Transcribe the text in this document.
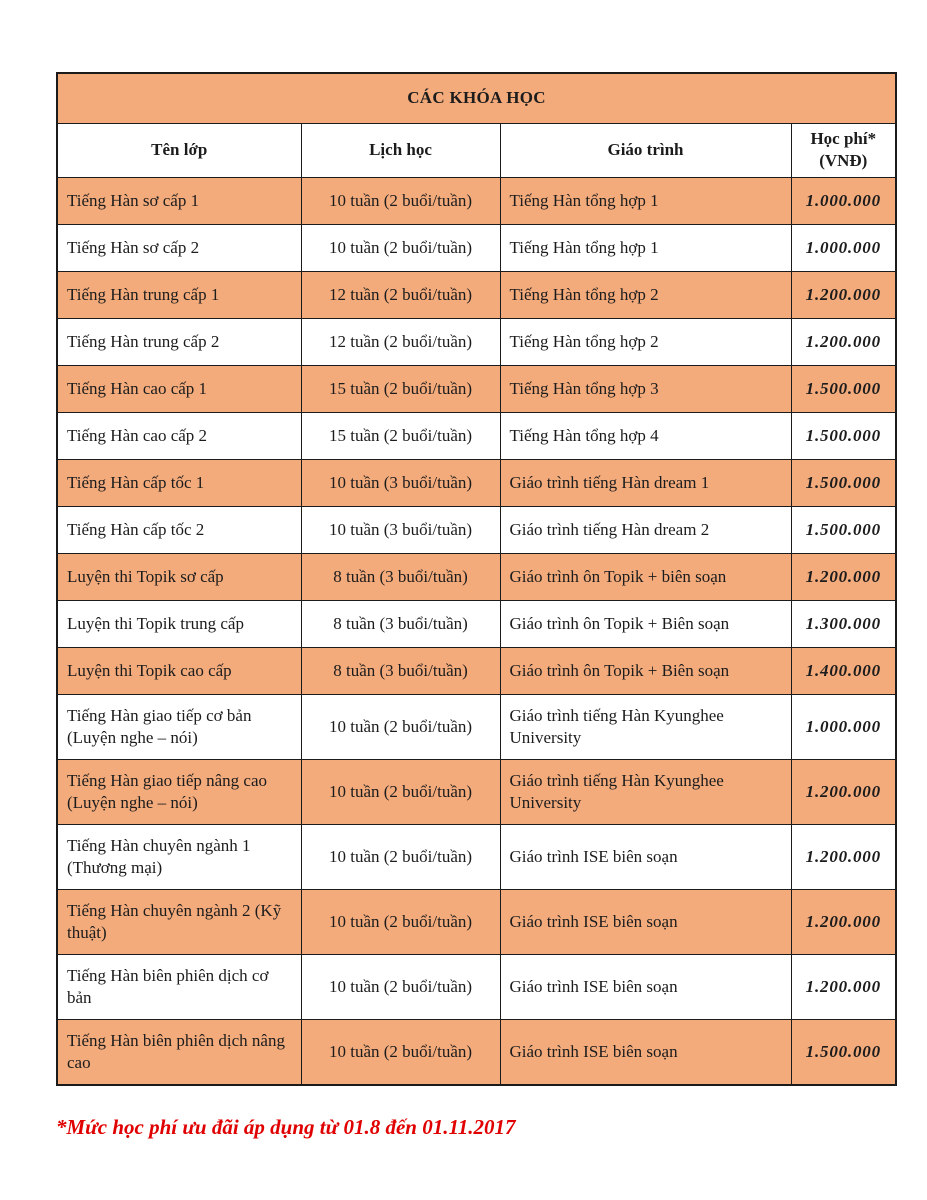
CÁC KHÓA HỌC			
Tên lớp	Lịch học	Giáo trình	Học phí*
(VNĐ)
Tiếng Hàn sơ cấp 1	10 tuần (2 buổi/tuần)	Tiếng Hàn tổng hợp 1	1.000.000
Tiếng Hàn sơ cấp 2	10 tuần (2 buổi/tuần)	Tiếng Hàn tổng hợp 1	1.000.000
Tiếng Hàn trung cấp 1	12 tuần (2 buổi/tuần)	Tiếng Hàn tổng hợp 2	1.200.000
Tiếng Hàn trung cấp 2	12 tuần (2 buổi/tuần)	Tiếng Hàn tổng hợp 2	1.200.000
Tiếng Hàn cao cấp 1	15 tuần (2 buổi/tuần)	Tiếng Hàn tổng hợp 3	1.500.000
Tiếng Hàn cao cấp 2	15 tuần (2 buổi/tuần)	Tiếng Hàn tổng hợp 4	1.500.000
Tiếng Hàn cấp tốc 1	10 tuần (3 buổi/tuần)	Giáo trình tiếng Hàn dream 1	1.500.000
Tiếng Hàn cấp tốc 2	10 tuần (3 buổi/tuần)	Giáo trình tiếng Hàn dream 2	1.500.000
Luyện thi Topik sơ cấp	8 tuần (3 buổi/tuần)	Giáo trình ôn Topik + biên soạn	1.200.000
Luyện thi Topik trung cấp	8 tuần (3 buổi/tuần)	Giáo trình ôn Topik + Biên soạn	1.300.000
Luyện thi Topik cao cấp	8 tuần (3 buổi/tuần)	Giáo trình ôn Topik + Biên soạn	1.400.000
Tiếng Hàn giao tiếp cơ bản (Luyện nghe – nói)	10 tuần (2 buổi/tuần)	Giáo trình tiếng Hàn Kyunghee University	1.000.000
Tiếng Hàn giao tiếp nâng cao (Luyện nghe – nói)	10 tuần (2 buổi/tuần)	Giáo trình tiếng Hàn Kyunghee University	1.200.000
Tiếng Hàn chuyên ngành 1 (Thương mại)	10 tuần (2 buổi/tuần)	Giáo trình ISE biên soạn	1.200.000
Tiếng Hàn chuyên ngành 2 (Kỹ thuật)	10 tuần (2 buổi/tuần)	Giáo trình ISE biên soạn	1.200.000
Tiếng Hàn biên phiên dịch cơ bản	10 tuần (2 buổi/tuần)	Giáo trình ISE biên soạn	1.200.000
Tiếng Hàn biên phiên dịch nâng cao	10 tuần (2 buổi/tuần)	Giáo trình ISE biên soạn	1.500.000
*Mức học phí ưu đãi áp dụng từ 01.8 đến 01.11.2017
